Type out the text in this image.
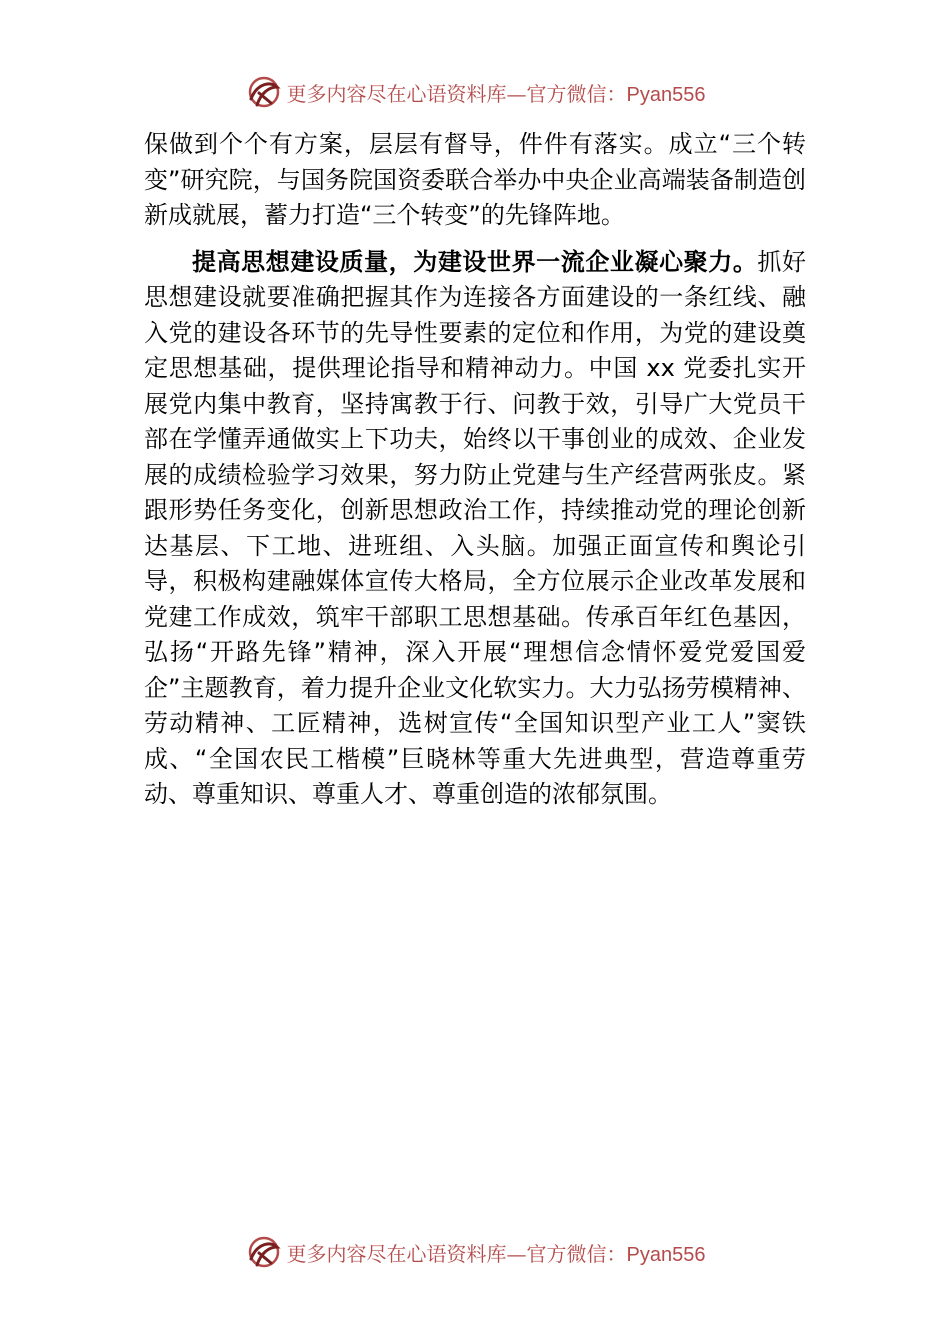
更多内容尽在心语资料库—官方微信：Pyan556

保做到个个有方案，层层有督导，件件有落实。成立“三个转变”研究院，与国务院国资委联合举办中央企业高端装备制造创新成就展，蓄力打造“三个转变”的先锋阵地。

提高思想建设质量，为建设世界一流企业凝心聚力。抓好思想建设就要准确把握其作为连接各方面建设的一条红线、融入党的建设各环节的先导性要素的定位和作用，为党的建设奠定思想基础，提供理论指导和精神动力。中国 xx 党委扎实开展党内集中教育，坚持寓教于行、问教于效，引导广大党员干部在学懂弄通做实上下功夫，始终以干事创业的成效、企业发展的成绩检验学习效果，努力防止党建与生产经营两张皮。紧跟形势任务变化，创新思想政治工作，持续推动党的理论创新达基层、下工地、进班组、入头脑。加强正面宣传和舆论引导，积极构建融媒体宣传大格局，全方位展示企业改革发展和党建工作成效，筑牢干部职工思想基础。传承百年红色基因，弘扬“开路先锋”精神，深入开展“理想信念情怀爱党爱国爱企”主题教育，着力提升企业文化软实力。大力弘扬劳模精神、劳动精神、工匠精神，选树宣传“全国知识型产业工人”窦铁成、“全国农民工楷模”巨晓林等重大先进典型，营造尊重劳动、尊重知识、尊重人才、尊重创造的浓郁氛围。

更多内容尽在心语资料库—官方微信：Pyan556
